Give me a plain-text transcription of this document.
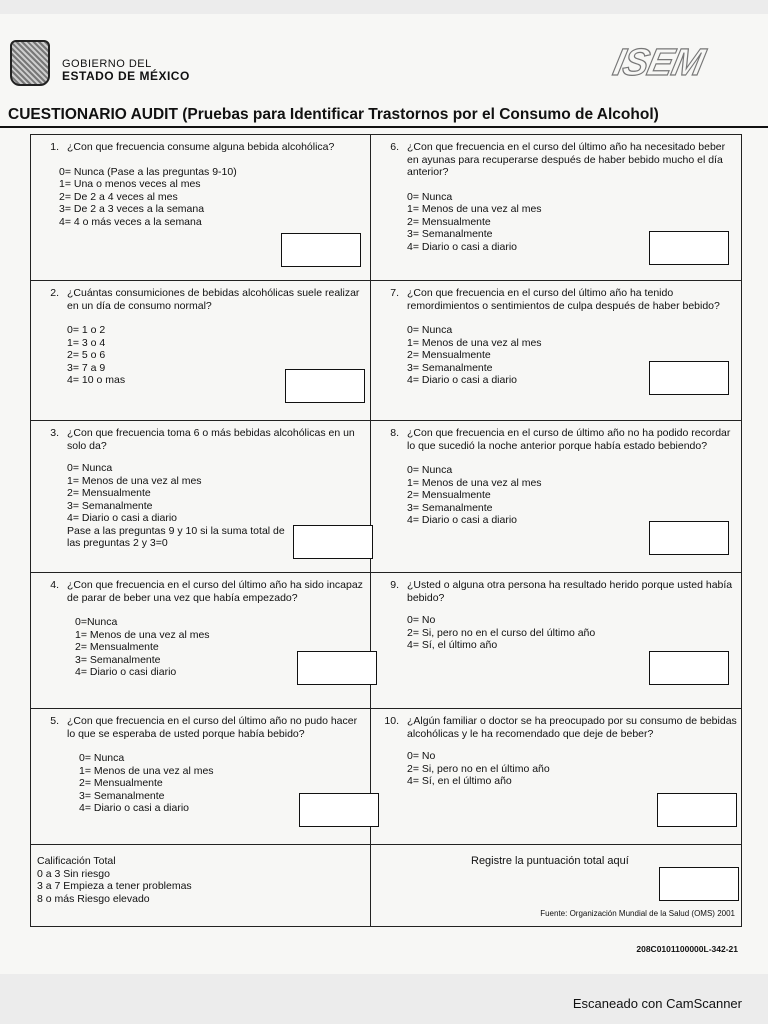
GOBIERNO DEL
ESTADO DE MÉXICO	ISEM
CUESTIONARIO AUDIT (Pruebas para Identificar Trastornos por el Consumo de Alcohol)
1. ¿Con que frecuencia consume alguna bebida alcohólica?
0= Nunca (Pase a las preguntas 9-10)
1= Una o menos veces al mes
2= De 2 a 4 veces al mes
3= De 2 a 3 veces a la semana
4= 4 o más veces a la semana
6. ¿Con que frecuencia en el curso del último año ha necesitado beber en ayunas para recuperarse después de haber bebido mucho el día anterior?
0= Nunca
1= Menos de una vez al mes
2= Mensualmente
3= Semanalmente
4= Diario o casi a diario
2. ¿Cuántas consumiciones de bebidas alcohólicas suele realizar en un día de consumo normal?
0= 1 o 2
1= 3 o 4
2= 5 o 6
3= 7 a 9
4= 10 o mas
7. ¿Con que frecuencia en el curso del último año ha tenido remordimientos o sentimientos de culpa después de haber bebido?
0= Nunca
1= Menos de una vez al mes
2= Mensualmente
3= Semanalmente
4= Diario o casi a diario
3. ¿Con que frecuencia toma 6 o más bebidas alcohólicas en un solo da?
0= Nunca
1= Menos de una vez al mes
2= Mensualmente
3= Semanalmente
4= Diario o casi a diario
Pase a las preguntas 9 y 10 si la suma total de las preguntas 2 y 3=0
8. ¿Con que frecuencia en el curso de último año no ha podido recordar lo que sucedió la noche anterior porque había estado bebiendo?
0= Nunca
1= Menos de una vez al mes
2= Mensualmente
3= Semanalmente
4= Diario o casi a diario
4. ¿Con que frecuencia en el curso del último año ha sido incapaz de parar de beber una vez que había empezado?
0=Nunca
1= Menos de una vez al mes
2= Mensualmente
3= Semanalmente
4= Diario o casi diario
9. ¿Usted o alguna otra persona ha resultado herido porque usted había bebido?
0= No
2= Si, pero no en el curso del último año
4= Sí, el último año
5. ¿Con que frecuencia en el curso del último año no pudo hacer lo que se esperaba de usted porque había bebido?
0= Nunca
1= Menos de una vez al mes
2= Mensualmente
3= Semanalmente
4= Diario o casi a diario
10. ¿Algún familiar o doctor se ha preocupado por su consumo de bebidas alcohólicas y le ha recomendado que deje de beber?
0= No
2= Si, pero no en el último año
4= Sí, en el último año
Calificación Total
0 a 3 Sin riesgo
3 a 7 Empieza a tener problemas
8 o más Riesgo elevado
Registre la puntuación total aquí
Fuente: Organización Mundial de la Salud (OMS) 2001
208C0101100000L-342-21
Escaneado con CamScanner
